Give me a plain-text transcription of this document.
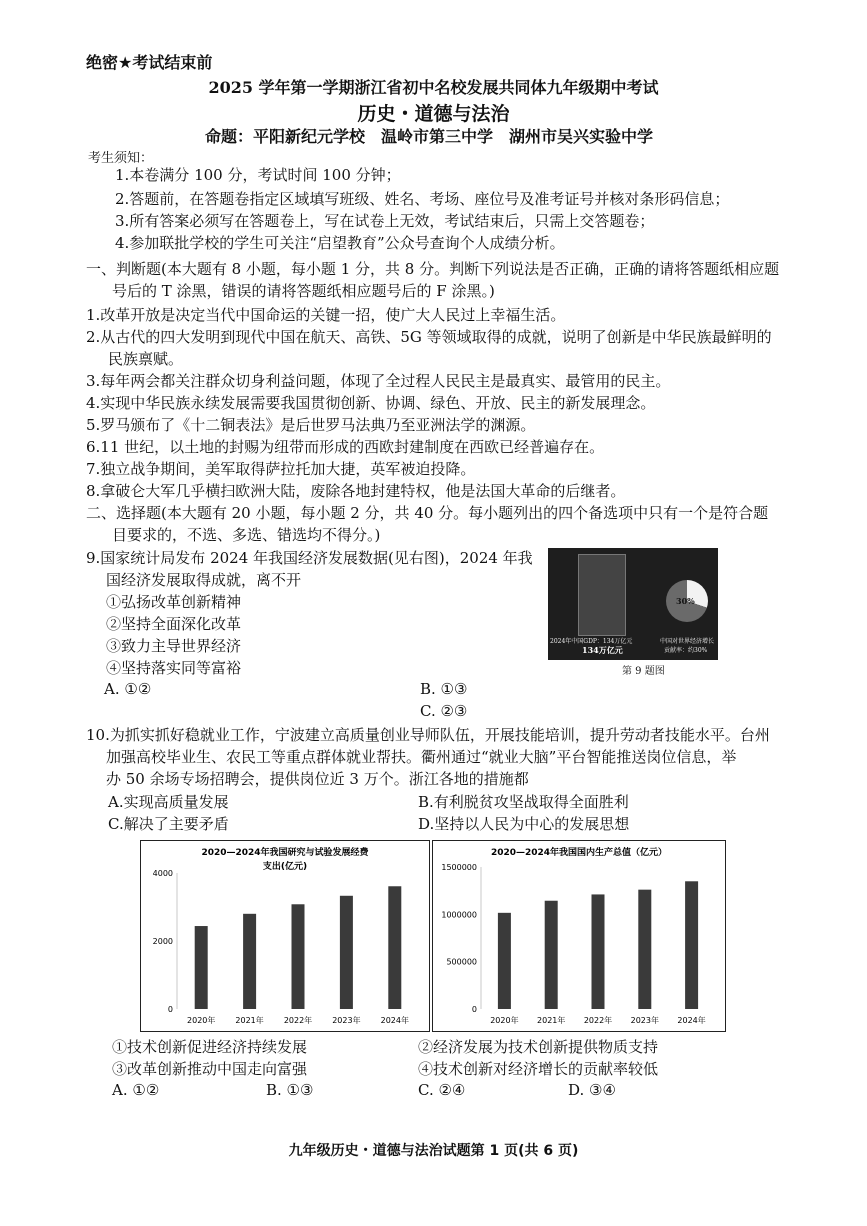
绝密★考试结束前
2025 学年第一学期浙江省初中名校发展共同体九年级期中考试
历史・道德与法治
命题：平阳新纪元学校　温岭市第三中学　湖州市吴兴实验中学
考生须知：
1.本卷满分 100 分，考试时间 100 分钟；
2.答题前，在答题卷指定区域填写班级、姓名、考场、座位号及准考证号并核对条形码信息；
3.所有答案必须写在答题卷上，写在试卷上无效，考试结束后，只需上交答题卷；
4.参加联批学校的学生可关注“启望教育”公众号查询个人成绩分析。
一、判断题(本大题有 8 小题，每小题 1 分，共 8 分。判断下列说法是否正确，正确的请将答题纸相应题
号后的 T 涂黑，错误的请将答题纸相应题号后的 F 涂黑。)
1.改革开放是决定当代中国命运的关键一招，使广大人民过上幸福生活。
2.从古代的四大发明到现代中国在航天、高铁、5G 等领域取得的成就，说明了创新是中华民族最鲜明的
民族禀赋。
3.每年两会都关注群众切身利益问题，体现了全过程人民民主是最真实、最管用的民主。
4.实现中华民族永续发展需要我国贯彻创新、协调、绿色、开放、民主的新发展理念。
5.罗马颁布了《十二铜表法》是后世罗马法典乃至亚洲法学的渊源。
6.11 世纪，以土地的封赐为纽带而形成的西欧封建制度在西欧已经普遍存在。
7.独立战争期间，美军取得萨拉托加大捷，英军被迫投降。
8.拿破仑大军几乎横扫欧洲大陆，废除各地封建特权，他是法国大革命的后继者。
二、选择题(本大题有 20 小题，每小题 2 分，共 40 分。每小题列出的四个备选项中只有一个是符合题
目要求的，不选、多选、错选均不得分。)
9.国家统计局发布 2024 年我国经济发展数据(见右图)，2024 年我
国经济发展取得成就，离不开
①弘扬改革创新精神
②坚持全面深化改革
③致力主导世界经济
④坚持落实同等富裕
A. ①②	B. ①③
C. ②③
30%
2024年中国GDP：134万亿元
134万亿元
中国对世界经济增长
贡献率：约30%
第 9 题图
10.为抓实抓好稳就业工作，宁波建立高质量创业导师队伍，开展技能培训，提升劳动者技能水平。台州
加强高校毕业生、农民工等重点群体就业帮扶。衢州通过“就业大脑”平台智能推送岗位信息，举
办 50 余场专场招聘会，提供岗位近 3 万个。浙江各地的措施都
A.实现高质量发展	B.有利脱贫攻坚战取得全面胜利
C.解决了主要矛盾	D.坚持以人民为中心的发展思想
2020—2024年我国研究与试验发展经费
支出(亿元)
0
2000
4000
2020年	2021年	2022年	2023年	2024年
2020—2024年我国国内生产总值（亿元）
0
500000
1000000
1500000
2020年 2021年 2022年 2023年 2024年
①技术创新促进经济持续发展	②经济发展为技术创新提供物质支持
③改革创新推动中国走向富强	④技术创新对经济增长的贡献率较低
A. ①②	B. ①③	C. ②④	D. ③④
九年级历史・道德与法治试题第 1 页(共 6 页)
